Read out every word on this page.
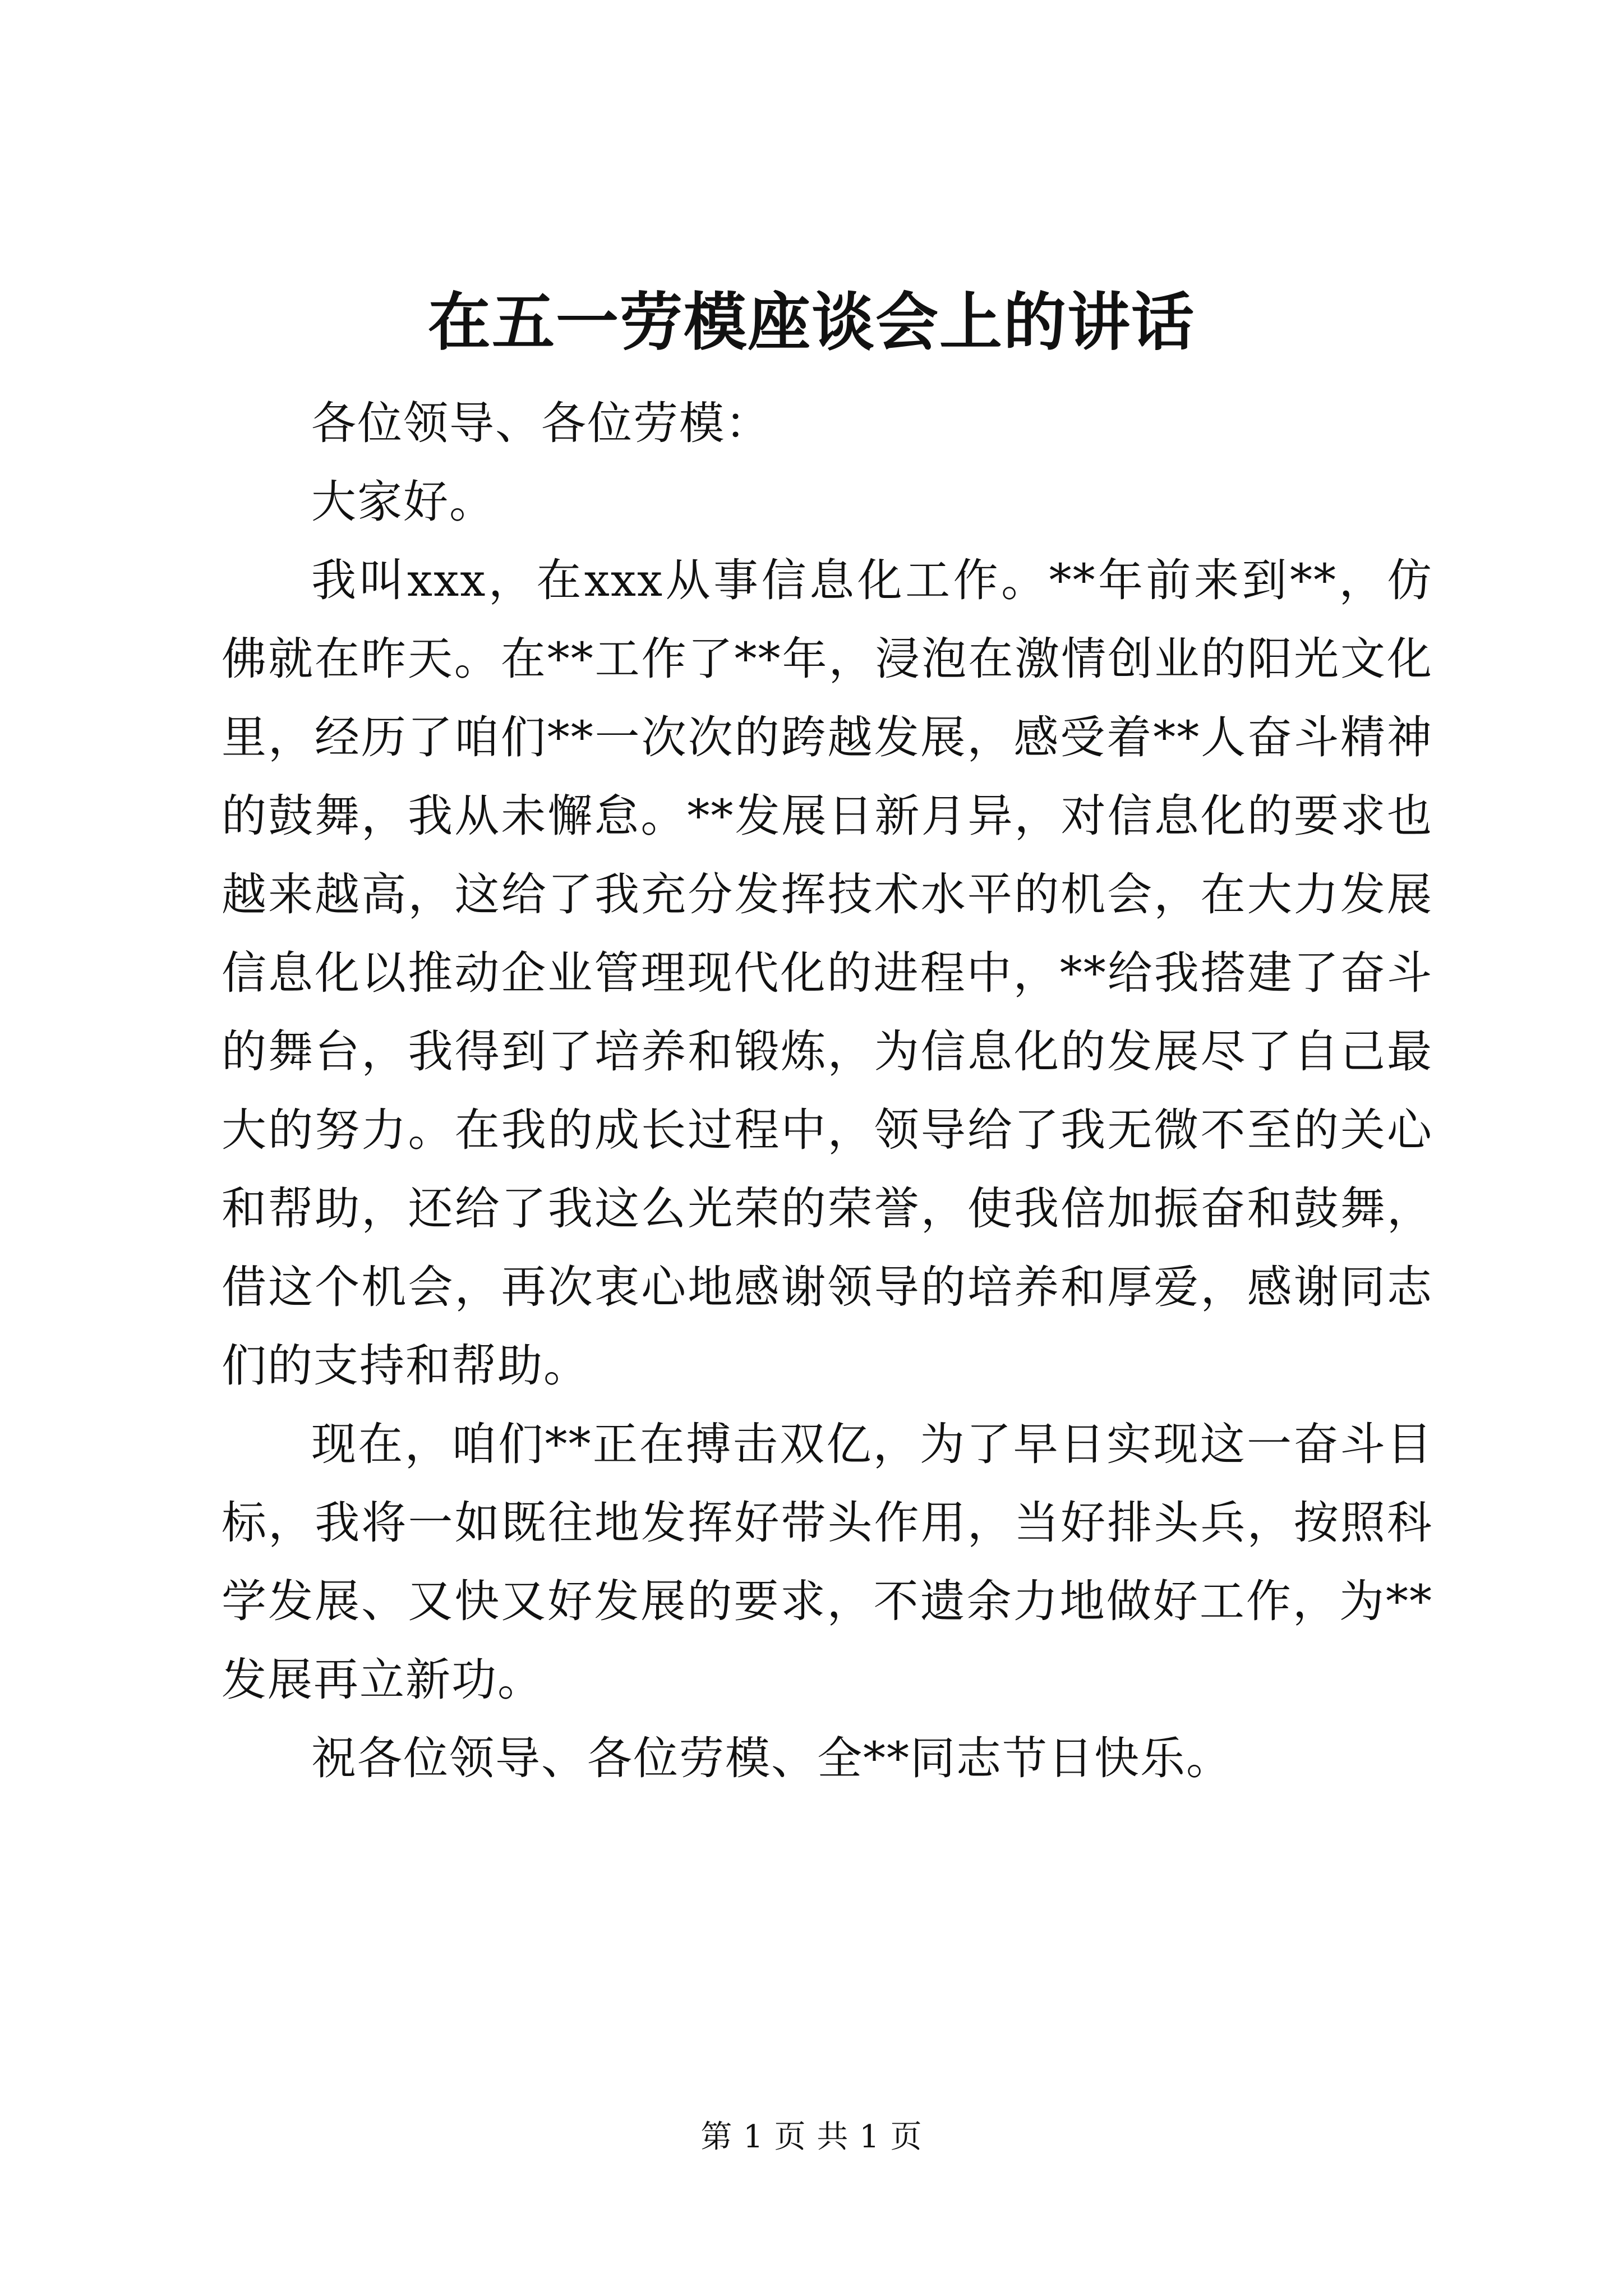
在五一劳模座谈会上的讲话

各位领导、各位劳模：

大家好。

我叫xxx，在xxx从事信息化工作。**年前来到**，仿佛就在昨天。在**工作了**年，浸泡在激情创业的阳光文化里，经历了咱们**一次次的跨越发展，感受着**人奋斗精神的鼓舞，我从未懈怠。**发展日新月异，对信息化的要求也越来越高，这给了我充分发挥技术水平的机会，在大力发展信息化以推动企业管理现代化的进程中，**给我搭建了奋斗的舞台，我得到了培养和锻炼，为信息化的发展尽了自己最大的努力。在我的成长过程中，领导给了我无微不至的关心和帮助，还给了我这么光荣的荣誉，使我倍加振奋和鼓舞，借这个机会，再次衷心地感谢领导的培养和厚爱，感谢同志们的支持和帮助。

现在，咱们**正在搏击双亿，为了早日实现这一奋斗目标，我将一如既往地发挥好带头作用，当好排头兵，按照科学发展、又快又好发展的要求，不遗余力地做好工作，为**发展再立新功。

祝各位领导、各位劳模、全**同志节日快乐。

第 1 页 共 1 页
